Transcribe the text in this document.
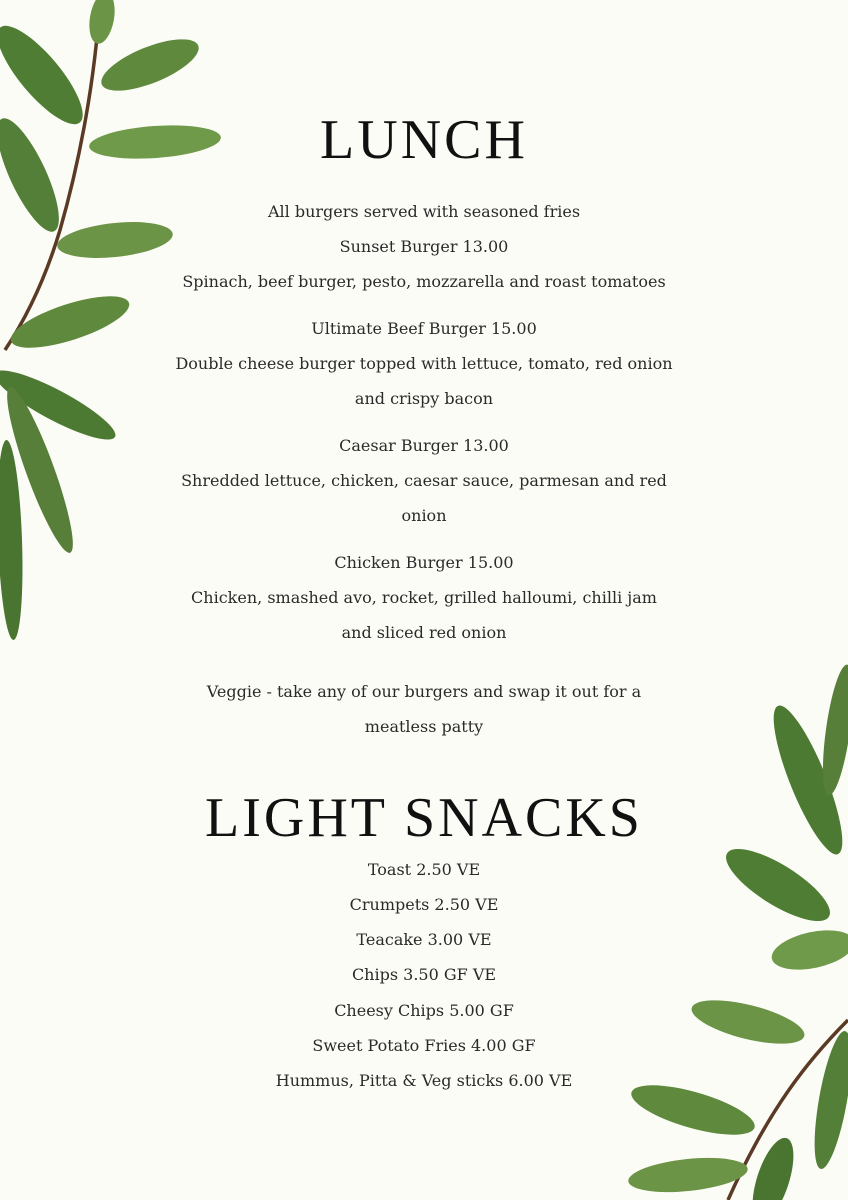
LUNCH
All burgers served with seasoned fries
Sunset Burger 13.00
Spinach, beef burger, pesto, mozzarella and roast tomatoes
Ultimate Beef Burger 15.00
Double cheese burger topped with lettuce, tomato, red onion
and crispy bacon
Caesar Burger 13.00
Shredded lettuce, chicken, caesar sauce, parmesan and red
onion
Chicken Burger 15.00
Chicken, smashed avo, rocket, grilled halloumi, chilli jam
and sliced red onion
Veggie - take any of our burgers and swap it out for a
meatless patty
LIGHT SNACKS
Toast 2.50 VE
Crumpets 2.50 VE
Teacake 3.00 VE
Chips 3.50 GF VE
Cheesy Chips 5.00 GF
Sweet Potato Fries 4.00 GF
Hummus, Pitta & Veg sticks 6.00 VE
